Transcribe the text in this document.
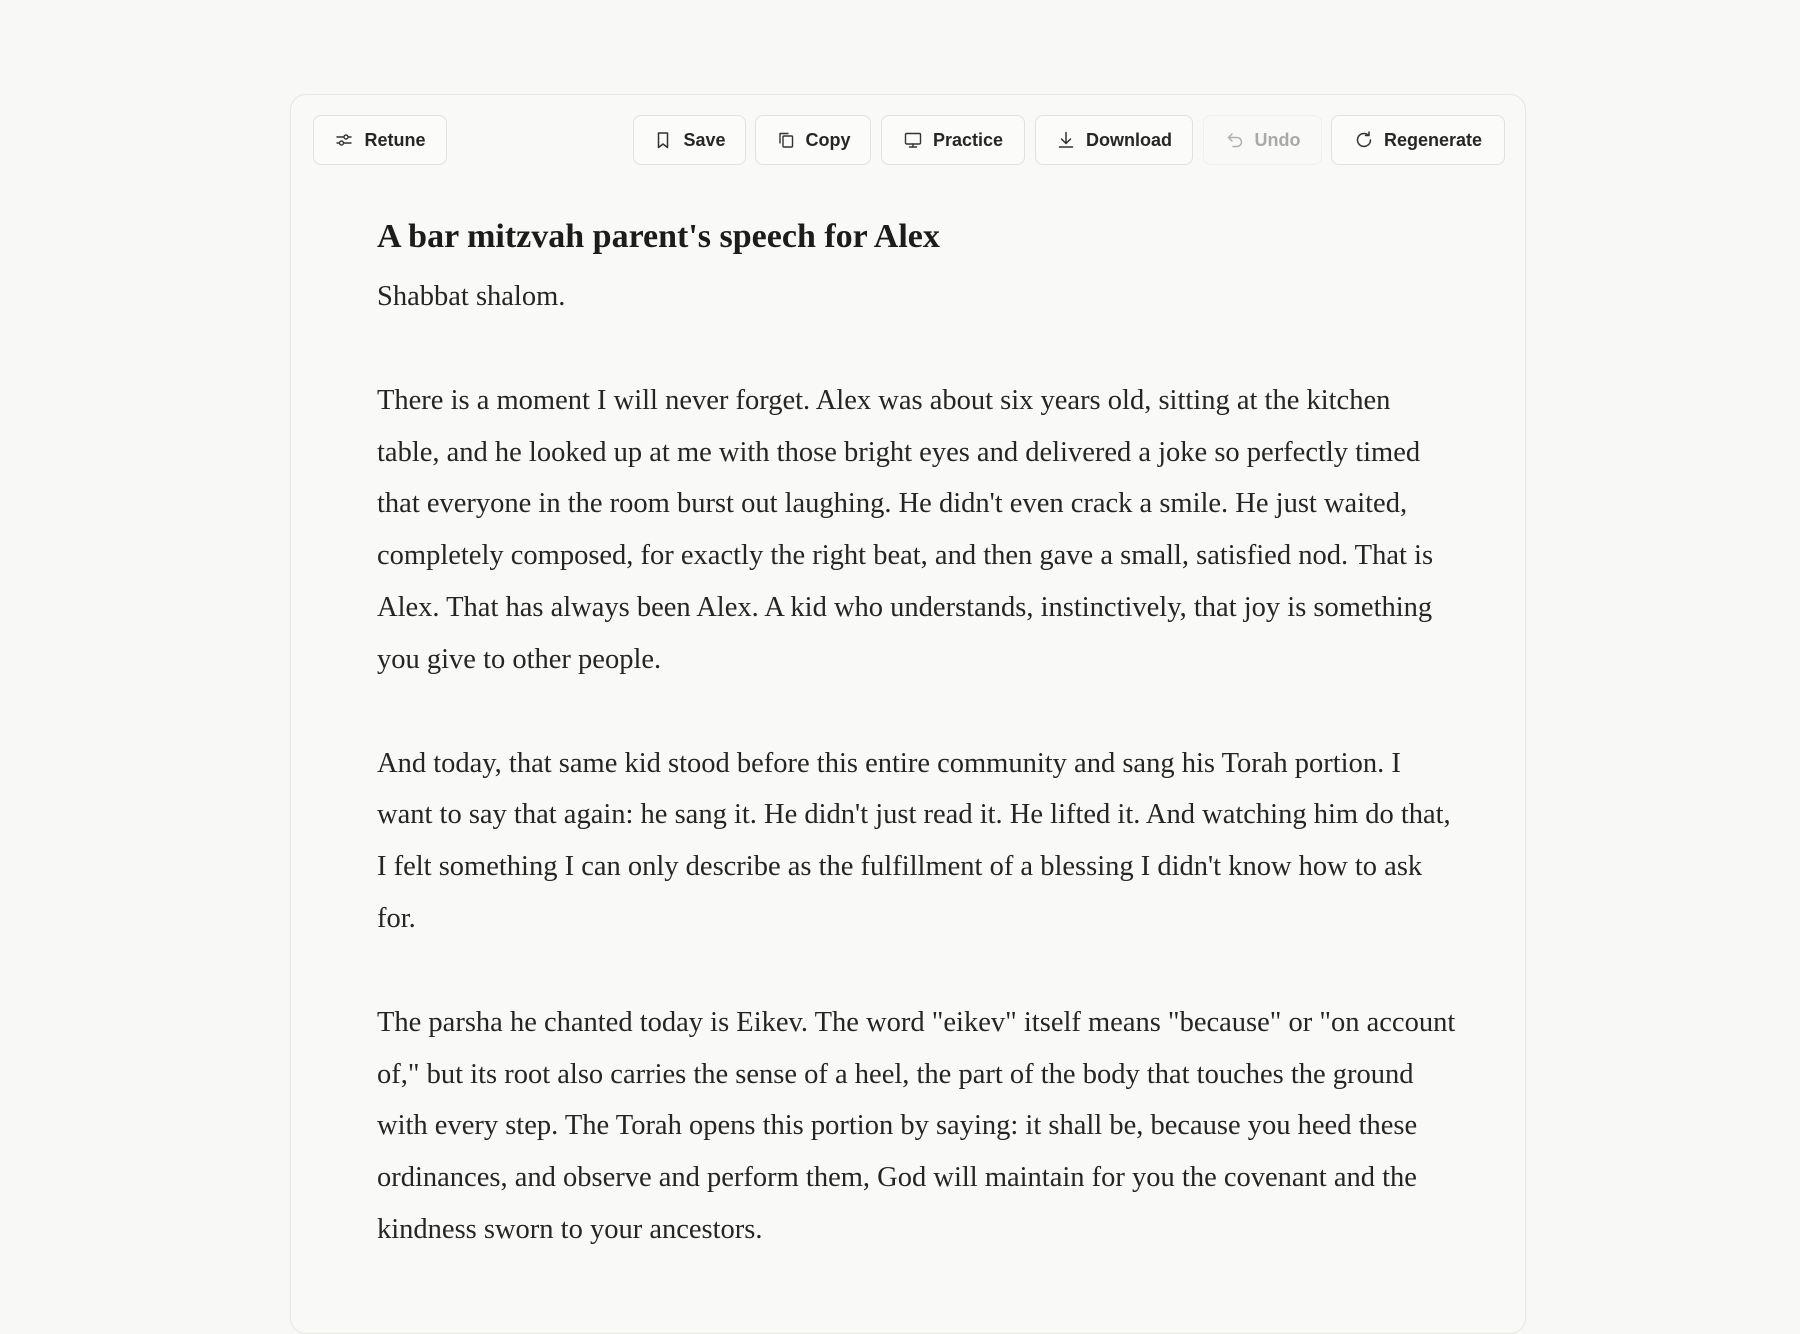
Retune	Save	Copy	Practice	Download	Undo	Regenerate
A bar mitzvah parent's speech for Alex

Shabbat shalom.

There is a moment I will never forget. Alex was about six years old, sitting at the kitchen table, and he looked up at me with those bright eyes and delivered a joke so perfectly timed that everyone in the room burst out laughing. He didn't even crack a smile. He just waited, completely composed, for exactly the right beat, and then gave a small, satisfied nod. That is Alex. That has always been Alex. A kid who understands, instinctively, that joy is something you give to other people.

And today, that same kid stood before this entire community and sang his Torah portion. I want to say that again: he sang it. He didn't just read it. He lifted it. And watching him do that, I felt something I can only describe as the fulfillment of a blessing I didn't know how to ask for.

The parsha he chanted today is Eikev. The word "eikev" itself means "because" or "on account of," but its root also carries the sense of a heel, the part of the body that touches the ground with every step. The Torah opens this portion by saying: it shall be, because you heed these ordinances, and observe and perform them, God will maintain for you the covenant and the kindness sworn to your ancestors.
